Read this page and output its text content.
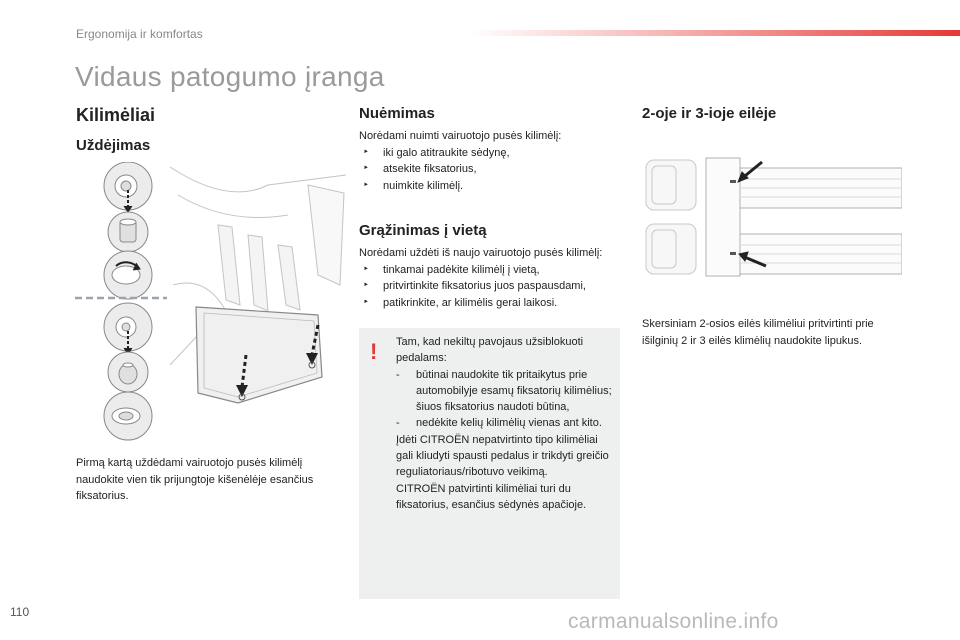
Ergonomija ir komfortas
Vidaus patogumo įranga
Kilimėliai
Uždėjimas
Pirmą kartą uždėdami vairuotojo pusės kilimėlį naudokite vien tik prijungtoje kišenėlėje esančius fiksatorius.
Nuėmimas
Norėdami nuimti vairuotojo pusės kilimėlį:
‣ iki galo atitraukite sėdynę,
‣ atsekite fiksatorius,
‣ nuimkite kilimėlį.
Grąžinimas į vietą
Norėdami uždėti iš naujo vairuotojo pusės kilimėlį:
‣ tinkamai padėkite kilimėlį į vietą,
‣ pritvirtinkite fiksatorius juos paspausdami,
‣ patikrinkite, ar kilimėlis gerai laikosi.
! Tam, kad nekiltų pavojaus užsiblokuoti pedalams:
- būtinai naudokite tik pritaikytus prie automobilyje esamų fiksatorių kilimėlius; šiuos fiksatorius naudoti būtina,
- nedėkite kelių kilimėlių vienas ant kito.
Įdėti CITROËN nepatvirtinto tipo kilimėliai gali kliudyti spausti pedalus ir trikdyti greičio reguliatoriaus/ribotuvo veikimą.
CITROËN patvirtinti kilimėliai turi du fiksatorius, esančius sėdynės apačioje.
2-oje ir 3-ioje eilėje
Skersiniam 2-osios eilės kilimėliui pritvirtinti prie išilginių 2 ir 3 eilės klimėlių naudokite lipukus.
110	carmanualsonline.info
